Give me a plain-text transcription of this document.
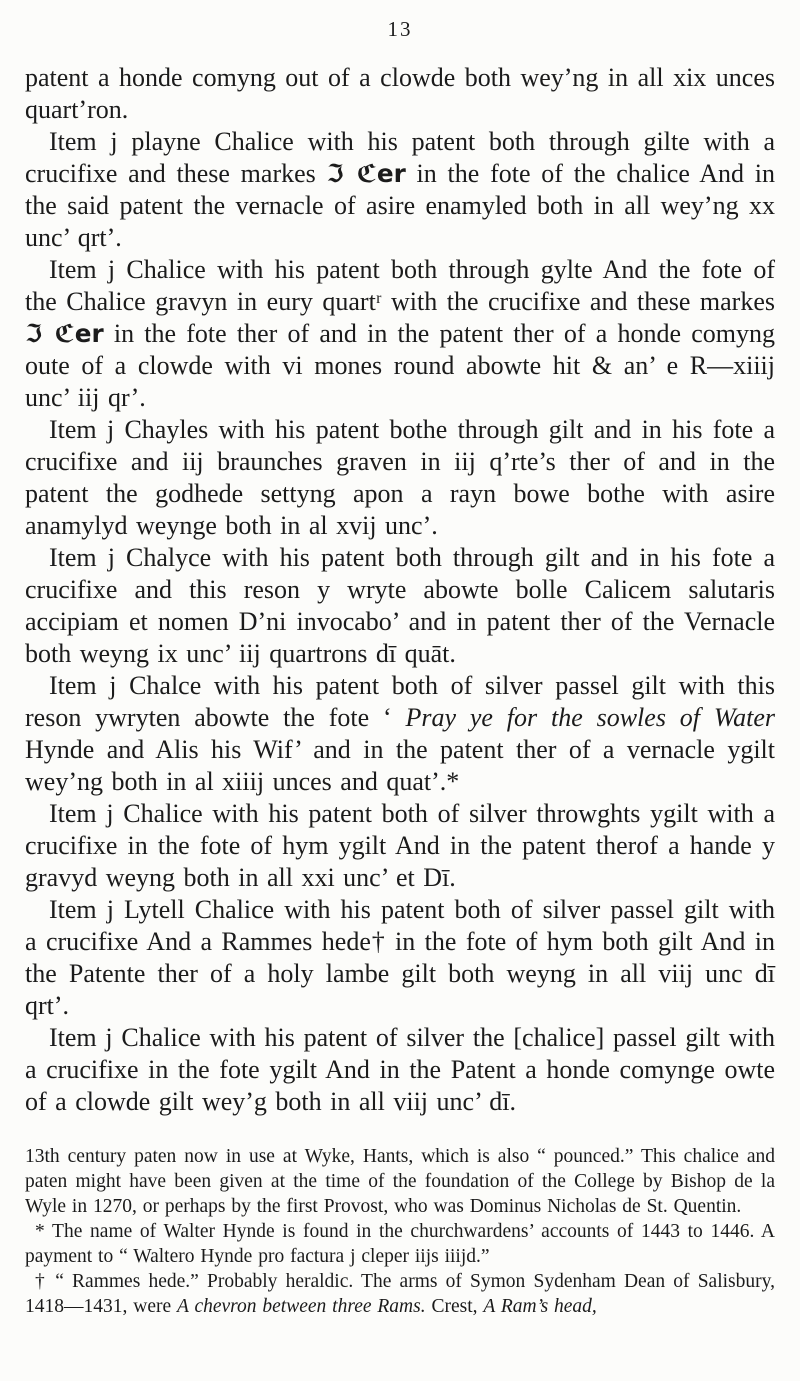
13

patent a honde comyng out of a clowde both wey’ng in all xix unces quart’ron.

Item j playne Chalice with his patent both through gilte with a crucifixe and these markes ℑ ℭer in the fote of the chalice And in the said patent the vernacle of asire enamyled both in all wey’ng xx unc’ qrt’.

Item j Chalice with his patent both through gylte And the fote of the Chalice gravyn in eury quartʳ with the crucifixe and these markes ℑ ℭer in the fote ther of and in the patent ther of a honde comyng oute of a clowde with vi mones round abowte hit & an’ e R—xiiij unc’ iij qr’.

Item j Chayles with his patent bothe through gilt and in his fote a crucifixe and iij braunches graven in iij q’rte’s ther of and in the patent the godhede settyng apon a rayn bowe bothe with asire anamylyd weynge both in al xvij unc’.

Item j Chalyce with his patent both through gilt and in his fote a crucifixe and this reson y wryte abowte bolle Calicem salutaris accipiam et nomen D’ni invocabo’ and in patent ther of the Vernacle both weyng ix unc’ iij quartrons dī quāt.

Item j Chalce with his patent both of silver passel gilt with this reson ywryten abowte the fote ‘ Pray ye for the sowles of Water Hynde and Alis his Wif’ and in the patent ther of a vernacle ygilt wey’ng both in al xiiij unces and quat’.*

Item j Chalice with his patent both of silver throwghts ygilt with a crucifixe in the fote of hym ygilt And in the patent therof a hande y gravyd weyng both in all xxi unc’ et Dī.

Item j Lytell Chalice with his patent both of silver passel gilt with a crucifixe And a Rammes hede† in the fote of hym both gilt And in the Patente ther of a holy lambe gilt both weyng in all viij unc dī qrt’.

Item j Chalice with his patent of silver the [chalice] passel gilt with a crucifixe in the fote ygilt And in the Patent a honde comynge owte of a clowde gilt wey’g both in all viij unc’ dī.

13th century paten now in use at Wyke, Hants, which is also “ pounced.” This chalice and paten might have been given at the time of the foundation of the College by Bishop de la Wyle in 1270, or perhaps by the first Provost, who was Dominus Nicholas de St. Quentin.

* The name of Walter Hynde is found in the churchwardens’ accounts of 1443 to 1446. A payment to “ Waltero Hynde pro factura j cleper iijs iiijd.”

† “ Rammes hede.” Probably heraldic. The arms of Symon Sydenham Dean of Salisbury, 1418—1431, were A chevron between three Rams. Crest, A Ram’s head,
